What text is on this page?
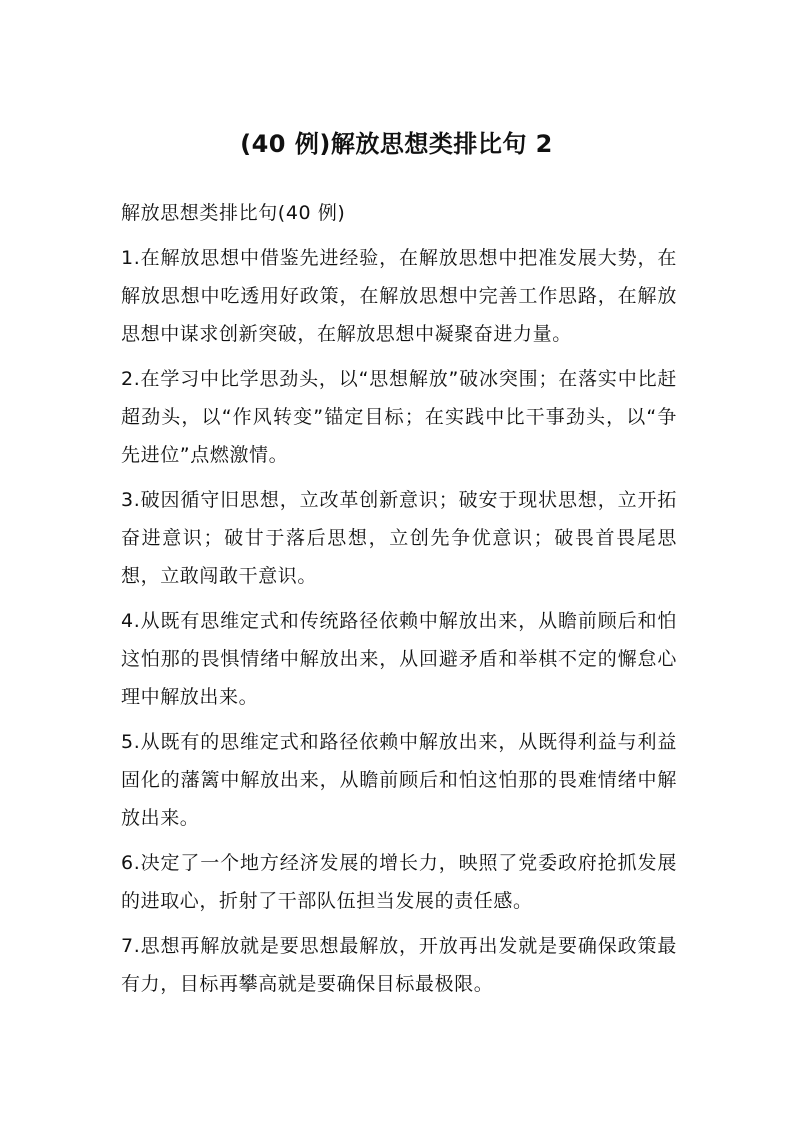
(40 例)解放思想类排比句 2
解放思想类排比句(40 例)
1.在解放思想中借鉴先进经验，在解放思想中把准发展大势，在解放思想中吃透用好政策，在解放思想中完善工作思路，在解放思想中谋求创新突破，在解放思想中凝聚奋进力量。
2.在学习中比学思劲头，以“思想解放”破冰突围；在落实中比赶超劲头，以“作风转变”锚定目标；在实践中比干事劲头，以“争先进位”点燃激情。
3.破因循守旧思想，立改革创新意识；破安于现状思想，立开拓奋进意识；破甘于落后思想，立创先争优意识；破畏首畏尾思想，立敢闯敢干意识。
4.从既有思维定式和传统路径依赖中解放出来，从瞻前顾后和怕这怕那的畏惧情绪中解放出来，从回避矛盾和举棋不定的懈怠心理中解放出来。
5.从既有的思维定式和路径依赖中解放出来，从既得利益与利益固化的藩篱中解放出来，从瞻前顾后和怕这怕那的畏难情绪中解放出来。
6.决定了一个地方经济发展的增长力，映照了党委政府抢抓发展的进取心，折射了干部队伍担当发展的责任感。
7.思想再解放就是要思想最解放，开放再出发就是要确保政策最有力，目标再攀高就是要确保目标最极限。
